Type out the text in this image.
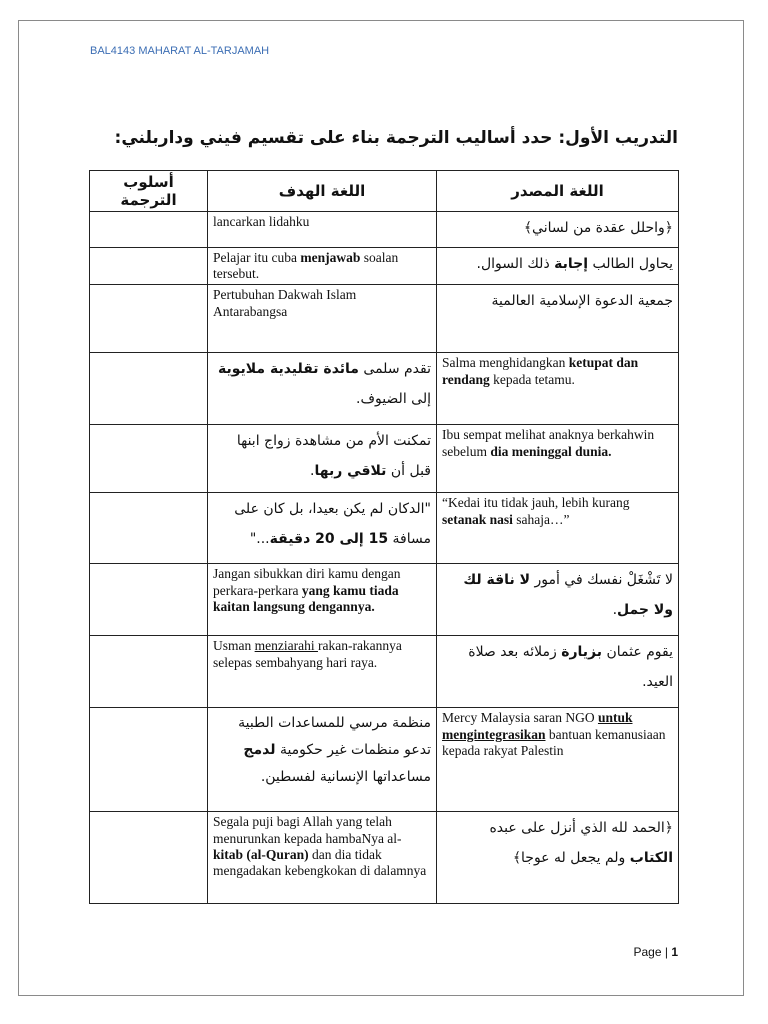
BAL4143 MAHARAT AL-TARJAMAH
التدريب الأول: حدد أساليب الترجمة بناء على تقسيم فيني وداربلني:
أسلوب الترجمة	اللغة الهدف	اللغة المصدر
	lancarkan lidahku	﴿واحلل عقدة من لساني﴾
	Pelajar itu cuba menjawab soalan tersebut.	يحاول الطالب إجابة ذلك السوال.
	Pertubuhan Dakwah Islam Antarabangsa	جمعية الدعوة الإسلامية العالمية
	تقدم سلمى مائدة تقليدية ملايوية إلى الضيوف.	Salma menghidangkan ketupat dan rendang kepada tetamu.
	تمكنت الأم من مشاهدة زواج ابنها قبل أن تلاقي ربها.	Ibu sempat melihat anaknya berkahwin sebelum dia meninggal dunia.
	"الدكان لم يكن بعيدا، بل كان على مسافة 15 إلى 20 دقيقة..."	“Kedai itu tidak jauh, lebih kurang setanak nasi sahaja…”
	Jangan sibukkan diri kamu dengan perkara-perkara yang kamu tiada kaitan langsung dengannya.	لا تَشْغَلْ نفسك في أمور لا ناقة لك ولا جمل.
	Usman menziarahi rakan-rakannya selepas sembahyang hari raya.	يقوم عثمان بزيارة زملائه بعد صلاة العيد.
	منظمة مرسي للمساعدات الطبية تدعو منظمات غير حكومية لدمج مساعداتها الإنسانية لفسطين.	Mercy Malaysia saran NGO untuk mengintegrasikan bantuan kemanusiaan kepada rakyat Palestin
	Segala puji bagi Allah yang telah menurunkan kepada hambaNya al-kitab (al-Quran) dan dia tidak mengadakan kebengkokan di dalamnya	﴿الحمد لله الذي أنزل على عبده الكتاب ولم يجعل له عوجا﴾
Page | 1
